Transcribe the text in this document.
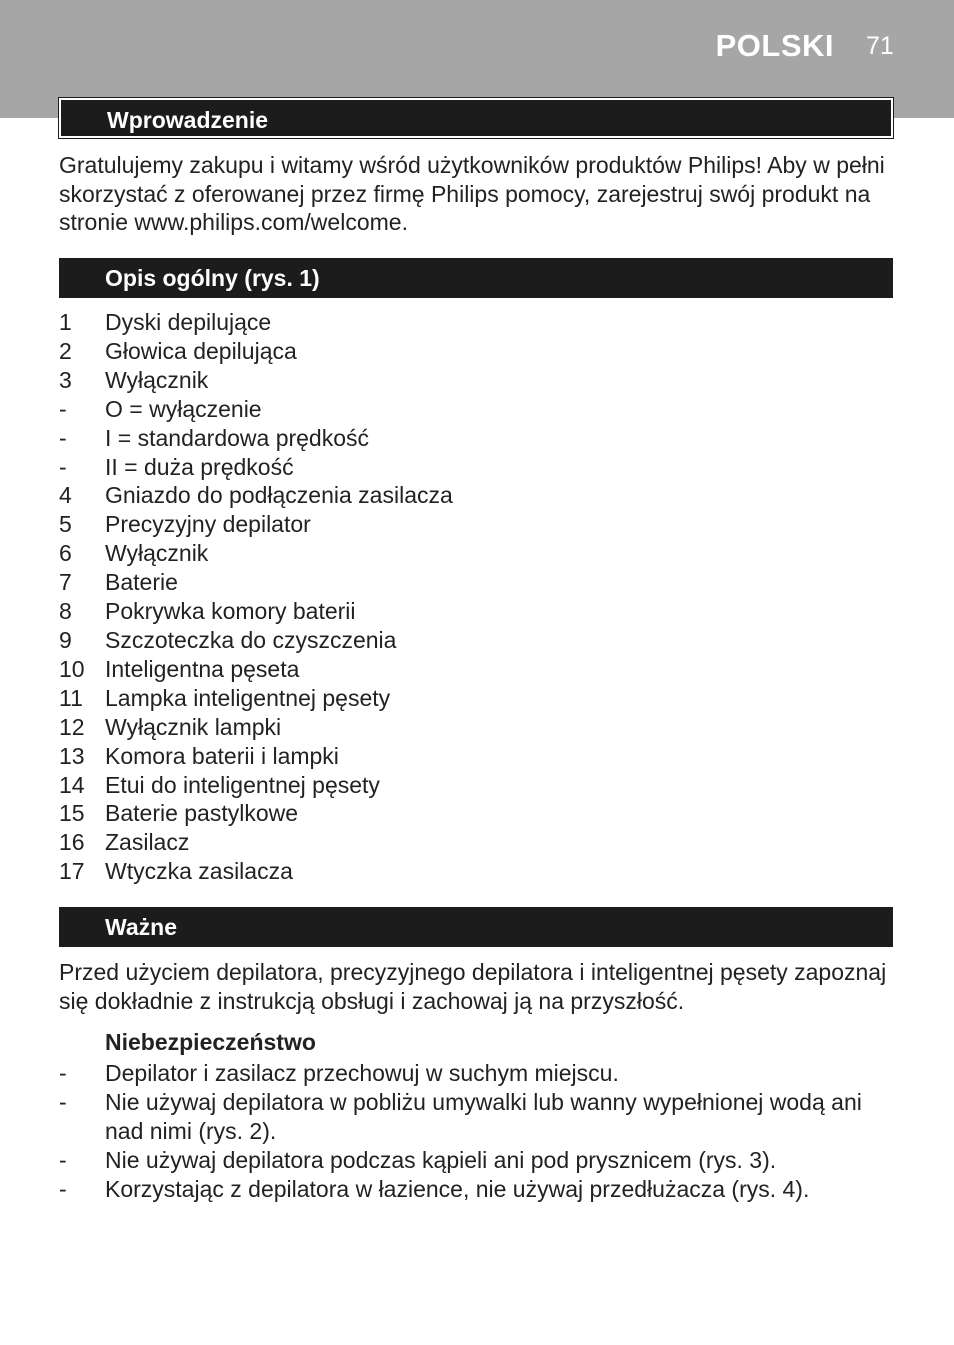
POLSKI 71
Wprowadzenie

Gratulujemy zakupu i witamy wśród użytkowników produktów Philips! Aby w pełni skorzystać z oferowanej przez firmę Philips pomocy, zarejestruj swój produkt na stronie www.philips.com/welcome.

Opis ogólny (rys. 1)
1 Dyski depilujące
2 Głowica depilująca
3 Wyłącznik
- O = wyłączenie
- I = standardowa prędkość
- II = duża prędkość
4 Gniazdo do podłączenia zasilacza
5 Precyzyjny depilator
6 Wyłącznik
7 Baterie
8 Pokrywka komory baterii
9 Szczoteczka do czyszczenia
10 Inteligentna pęseta
11 Lampka inteligentnej pęsety
12 Wyłącznik lampki
13 Komora baterii i lampki
14 Etui do inteligentnej pęsety
15 Baterie pastylkowe
16 Zasilacz
17 Wtyczka zasilacza
Ważne

Przed użyciem depilatora, precyzyjnego depilatora i inteligentnej pęsety zapoznaj się dokładnie z instrukcją obsługi i zachowaj ją na przyszłość.

Niebezpieczeństwo
- Depilator i zasilacz przechowuj w suchym miejscu.
- Nie używaj depilatora w pobliżu umywalki lub wanny wypełnionej wodą ani nad nimi (rys. 2).
- Nie używaj depilatora podczas kąpieli ani pod prysznicem (rys. 3).
- Korzystając z depilatora w łazience, nie używaj przedłużacza (rys. 4).
